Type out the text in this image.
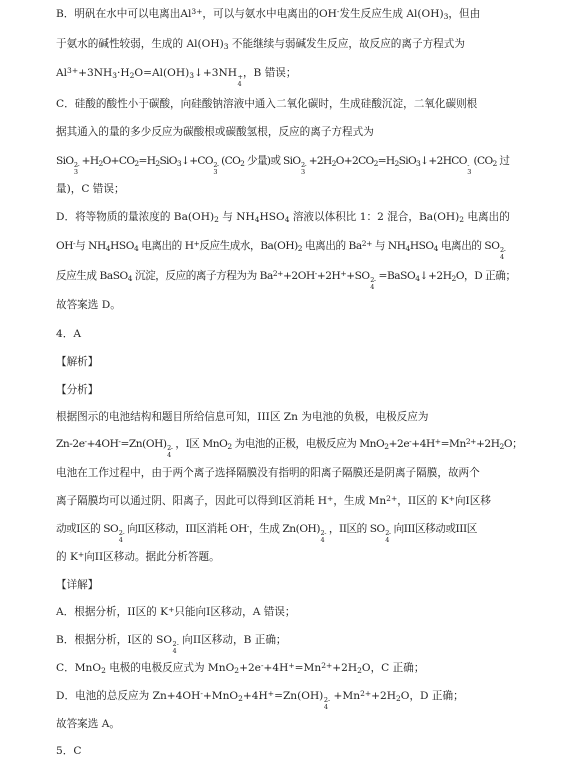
B．明矾在水中可以电离出$Al^{3+}$，可以与氨水中电离出的OH-发生反应生成 $Al(OH)_3$，但由
于氨水的碱性较弱，生成的 $Al(OH)_3$ 不能继续与弱碱发生反应，故反应的离子方程式为
$Al^{3+}+3NH_3\cdot H_2O=Al(OH)_3↓+3NH$ +
4
，B 错误；
C．硅酸的酸性小于碳酸，向硅酸钠溶液中通入二氧化碳时，生成硅酸沉淀，二氧化碳则根
据其通入的量的多少反应为碳酸根或碳酸氢根，反应的离子方程式为
SiO 2-
3
$+H_2O+CO_2=H_2SiO_3↓+CO$ 2-
3
($CO_2$ 少量)或 SiO 2-
3
$+2H_2O+2CO_2=H_2SiO_3↓+2HCO$ -
3
($CO_2$ 过
量)，C 错误；
D．将等物质的量浓度的 $Ba(OH)_2$ 与 $NH_4HSO_4$ 溶液以体积比 1：2 混合，$Ba(OH)_2$ 电离出的
OH-与 $NH_4HSO_4$ 电离出的 H+反应生成水，$Ba(OH)_2$ 电离出的 $Ba^{2+}$ 与 $NH_4HSO_4$ 电离出的 SO 2-
4
反应生成 BaSO$_4$ 沉淀，反应的离子方程为为 $Ba^{2+}+2OH^-+2H^++SO$ 2-
4
$=BaSO_4↓+2H_2O$，D 正确；
故答案选 D。
4．A
【解析】
【分析】
根据图示的电池结构和题目所给信息可知，III区 Zn 为电池的负极，电极反应为
Zn-2e-+4OH-=Zn(OH) 2-
4
，I区 MnO$_2$ 为电池的正极，电极反应为 $MnO_2+2e^-+4H^+=Mn^{2+}+2H_2O$；
电池在工作过程中，由于两个离子选择隔膜没有指明的阳离子隔膜还是阴离子隔膜，故两个
离子隔膜均可以通过阴、阳离子，因此可以得到I区消耗 H+，生成 $Mn^{2+}$，II区的 K+向I区移
动或I区的 SO 2-
4
向II区移动，III区消耗 OH-，生成 Zn(OH) 2-
4
，II区的 SO 2-
4
向III区移动或III区
的 K+向II区移动。据此分析答题。
【详解】
A．根据分析，II区的 K+只能向I区移动，A 错误；
B．根据分析，I区的 SO 2-
4
向II区移动，B 正确；
C．MnO$_2$ 电极的电极反应式为 $MnO_2+2e^-+4H^+=Mn^{2+}+2H_2O$，C 正确；
D．电池的总反应为 Zn+4OH-+MnO$_2$+4H+=Zn(OH) 2-
4
$+Mn^{2+}+2H_2O$，D 正确；
故答案选 A。
5．C
